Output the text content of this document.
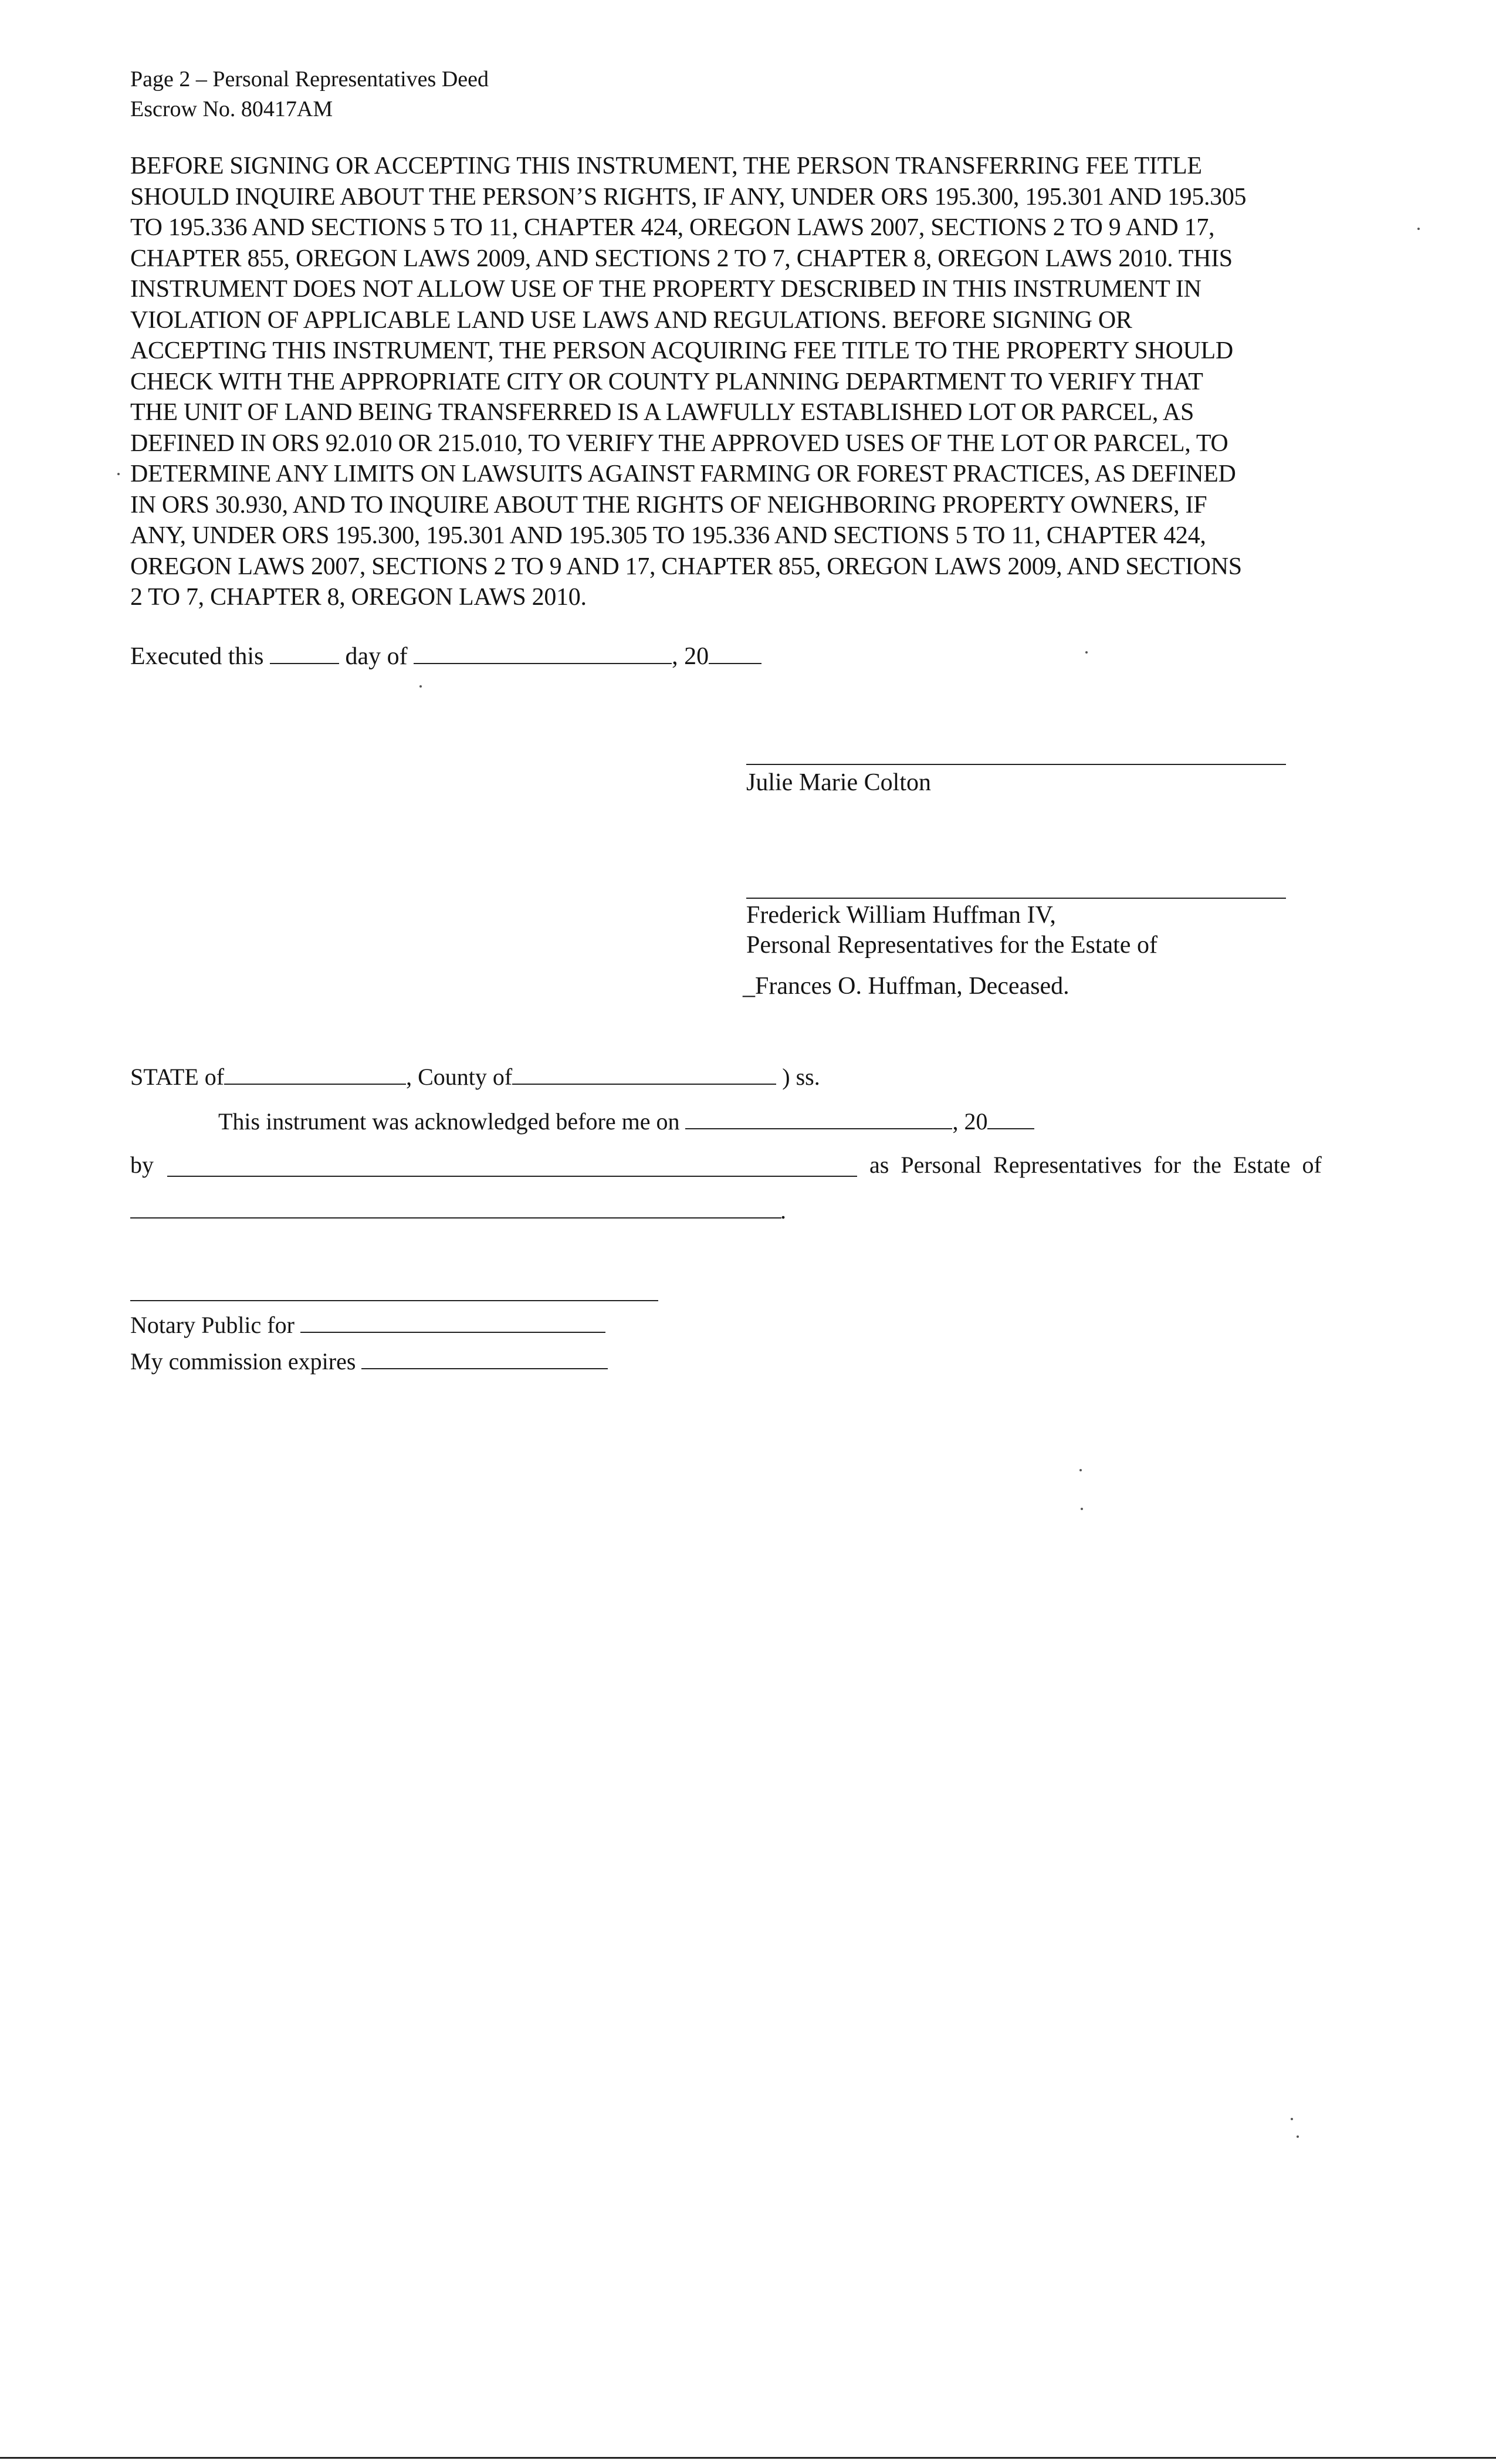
Page 2 – Personal Representatives Deed
Escrow No. 80417AM
BEFORE SIGNING OR ACCEPTING THIS INSTRUMENT, THE PERSON TRANSFERRING FEE TITLE
SHOULD INQUIRE ABOUT THE PERSON’S RIGHTS, IF ANY, UNDER ORS 195.300, 195.301 AND 195.305
TO 195.336 AND SECTIONS 5 TO 11, CHAPTER 424, OREGON LAWS 2007, SECTIONS 2 TO 9 AND 17,
CHAPTER 855, OREGON LAWS 2009, AND SECTIONS 2 TO 7, CHAPTER 8, OREGON LAWS 2010. THIS
INSTRUMENT DOES NOT ALLOW USE OF THE PROPERTY DESCRIBED IN THIS INSTRUMENT IN
VIOLATION OF APPLICABLE LAND USE LAWS AND REGULATIONS. BEFORE SIGNING OR
ACCEPTING THIS INSTRUMENT, THE PERSON ACQUIRING FEE TITLE TO THE PROPERTY SHOULD
CHECK WITH THE APPROPRIATE CITY OR COUNTY PLANNING DEPARTMENT TO VERIFY THAT
THE UNIT OF LAND BEING TRANSFERRED IS A LAWFULLY ESTABLISHED LOT OR PARCEL, AS
DEFINED IN ORS 92.010 OR 215.010, TO VERIFY THE APPROVED USES OF THE LOT OR PARCEL, TO
DETERMINE ANY LIMITS ON LAWSUITS AGAINST FARMING OR FOREST PRACTICES, AS DEFINED
IN ORS 30.930, AND TO INQUIRE ABOUT THE RIGHTS OF NEIGHBORING PROPERTY OWNERS, IF
ANY, UNDER ORS 195.300, 195.301 AND 195.305 TO 195.336 AND SECTIONS 5 TO 11, CHAPTER 424,
OREGON LAWS 2007, SECTIONS 2 TO 9 AND 17, CHAPTER 855, OREGON LAWS 2009, AND SECTIONS
2 TO 7, CHAPTER 8, OREGON LAWS 2010.
Executed this	day of	, 20
Julie Marie Colton
Frederick William Huffman IV,
Personal Representatives for the Estate of
_Frances O. Huffman, Deceased.
STATE of	, County of	) ss.
This instrument was acknowledged before me on	, 20
by	as Personal Representatives for the Estate of
.
Notary Public for
My commission expires
